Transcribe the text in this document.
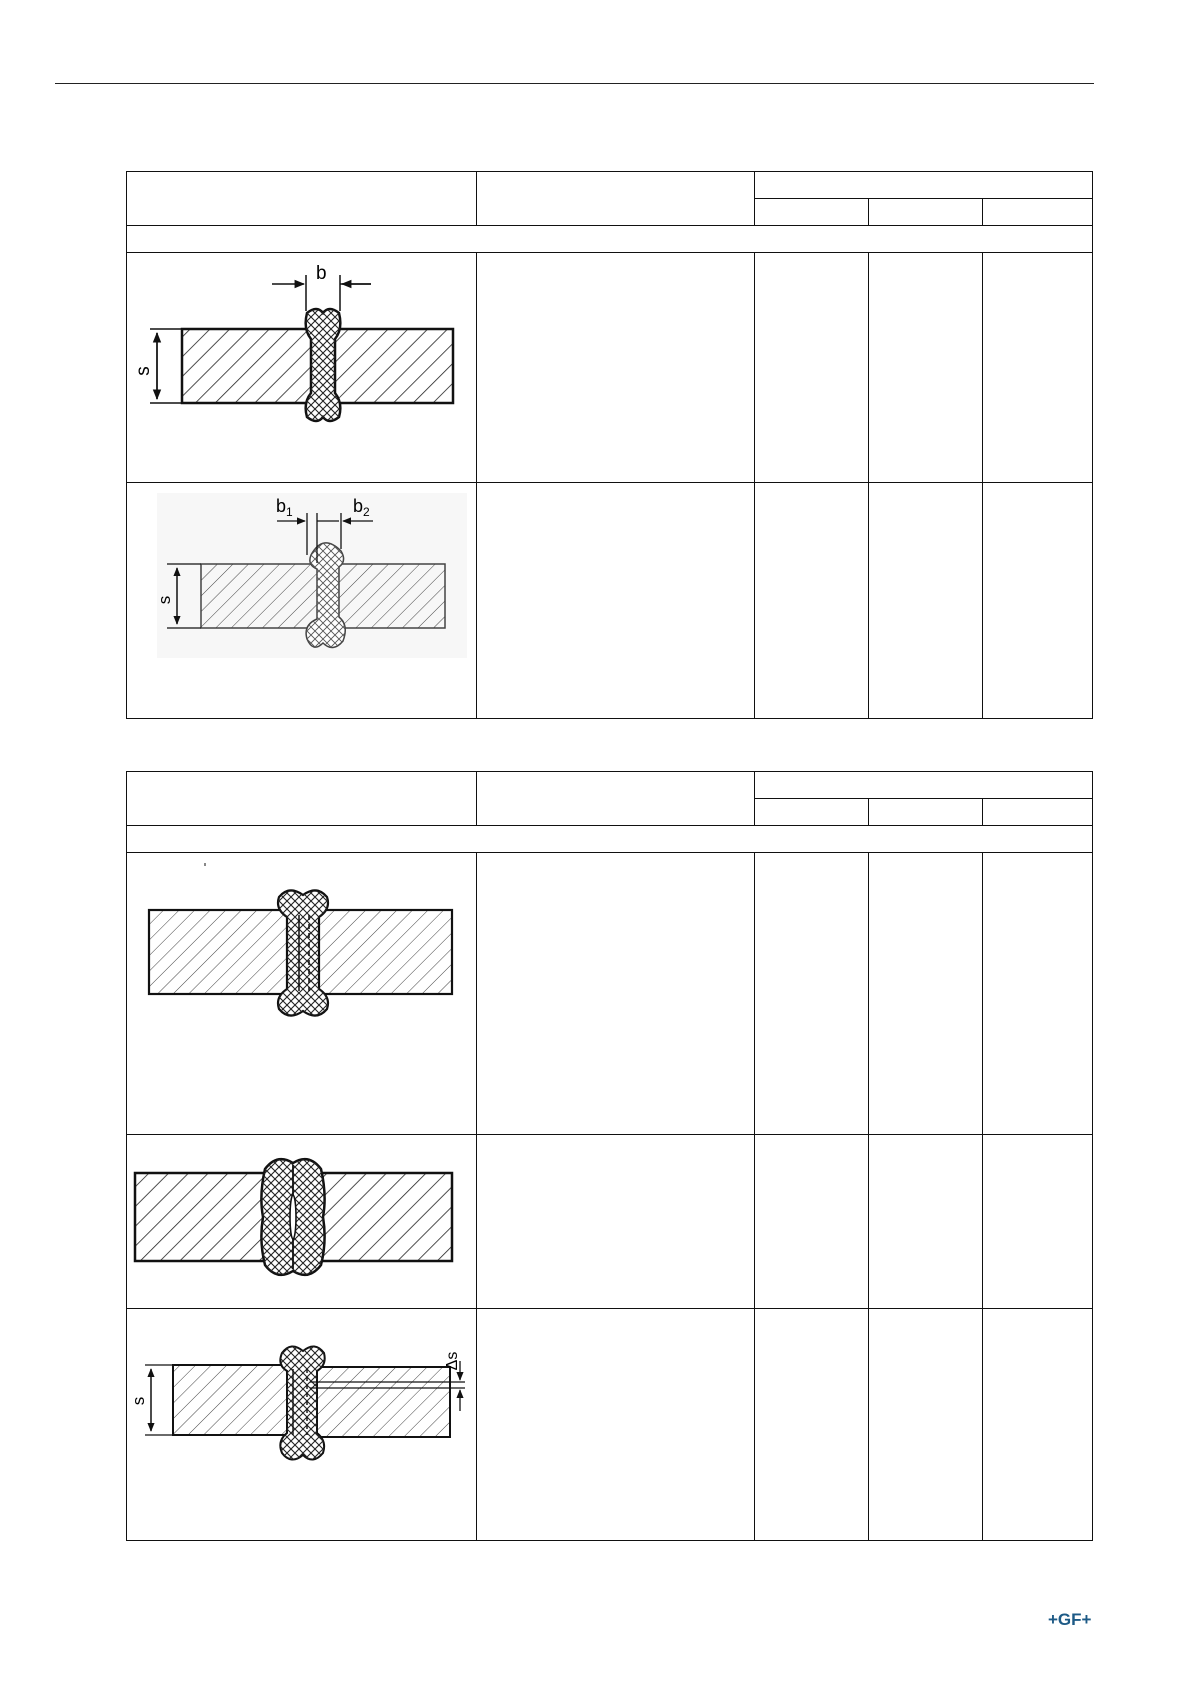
b
s				

$b_1$ $b_2$
s				

Δs
s				

+GF+
